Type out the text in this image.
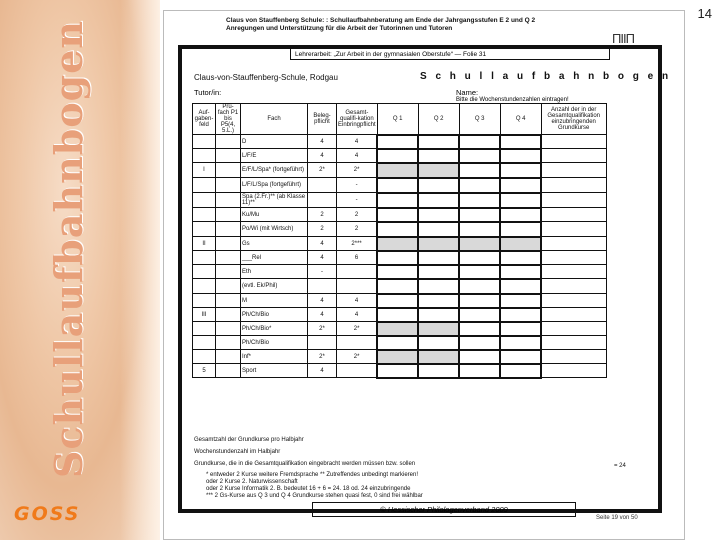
Schullaufbahnbogen
GOSS
14
Claus von Stauffenberg Schule: : Schullaufbahnberatung am Ende der Jahrgangsstufen E 2 und Q 2
Anregungen und Unterstützung für die Arbeit der Tutorinnen und Tutoren
Lehrerarbeit: „Zur Arbeit in der gymnasialen Oberstufe“ — Folie 31
ΠΙΙΠ
Claus-von-Stauffenberg-Schule, Rodgau	S c h u l l a u f b a h n b o g e n
Tutor/in:	Name:
Bitte die Wochenstundenzahlen eintragen!
Auf-gaben-feld	Prü-fach P1 bis P5(4, 5.L.)	Fach	Beleg-pflicht	Gesamt-qualifi-kation Einbringpflicht	Q 1	Q 2	Q 3	Q 4	Anzahl der in der Gesamtqualifikation einzubringenden Grundkurse
		D	4	4					
		L/F/E	4	4					
I		E/F/L/Spa* (fortgeführt)	2*	2*					
		L/F/L/Spa (fortgeführt)		-					
		Spa (2.Fr.)** (ab Klasse 11)**		-					
		Ku/Mu	2	2					
		Po/Wi (mit Wirtsch)	2	2					
II		Gs	4	2***					
		___Rel	4	6					
		Eth	-						
		(evtl. Ek/Phil)							
		M	4	4					
III		Ph/Ch/Bio	4	4					
		Ph/Ch/Bio*	2*	2*					
		Ph/Ch/Bio							
		Inf*	2*	2*					
5		Sport	4						
Gesamtzahl der Grundkurse pro Halbjahr
Wochenstundenzahl im Halbjahr
Grundkurse, die in die Gesamtqualifikation eingebracht werden müssen bzw. sollen	= 24
* entweder 2 Kurse weitere Fremdsprache ** Zutreffendes unbedingt markieren!
oder 2 Kurse 2. Naturwissenschaft
oder 2 Kurse Informatik 2. B. bedeutet 16 + 6 = 24. 18 od. 24 einzubringende
*** 2 Gs-Kurse aus Q 3 und Q 4 Grundkurse stehen quasi fest, 0 sind frei wählbar
© Hessischer Philologenverband 2009
Seite 19 von 50
